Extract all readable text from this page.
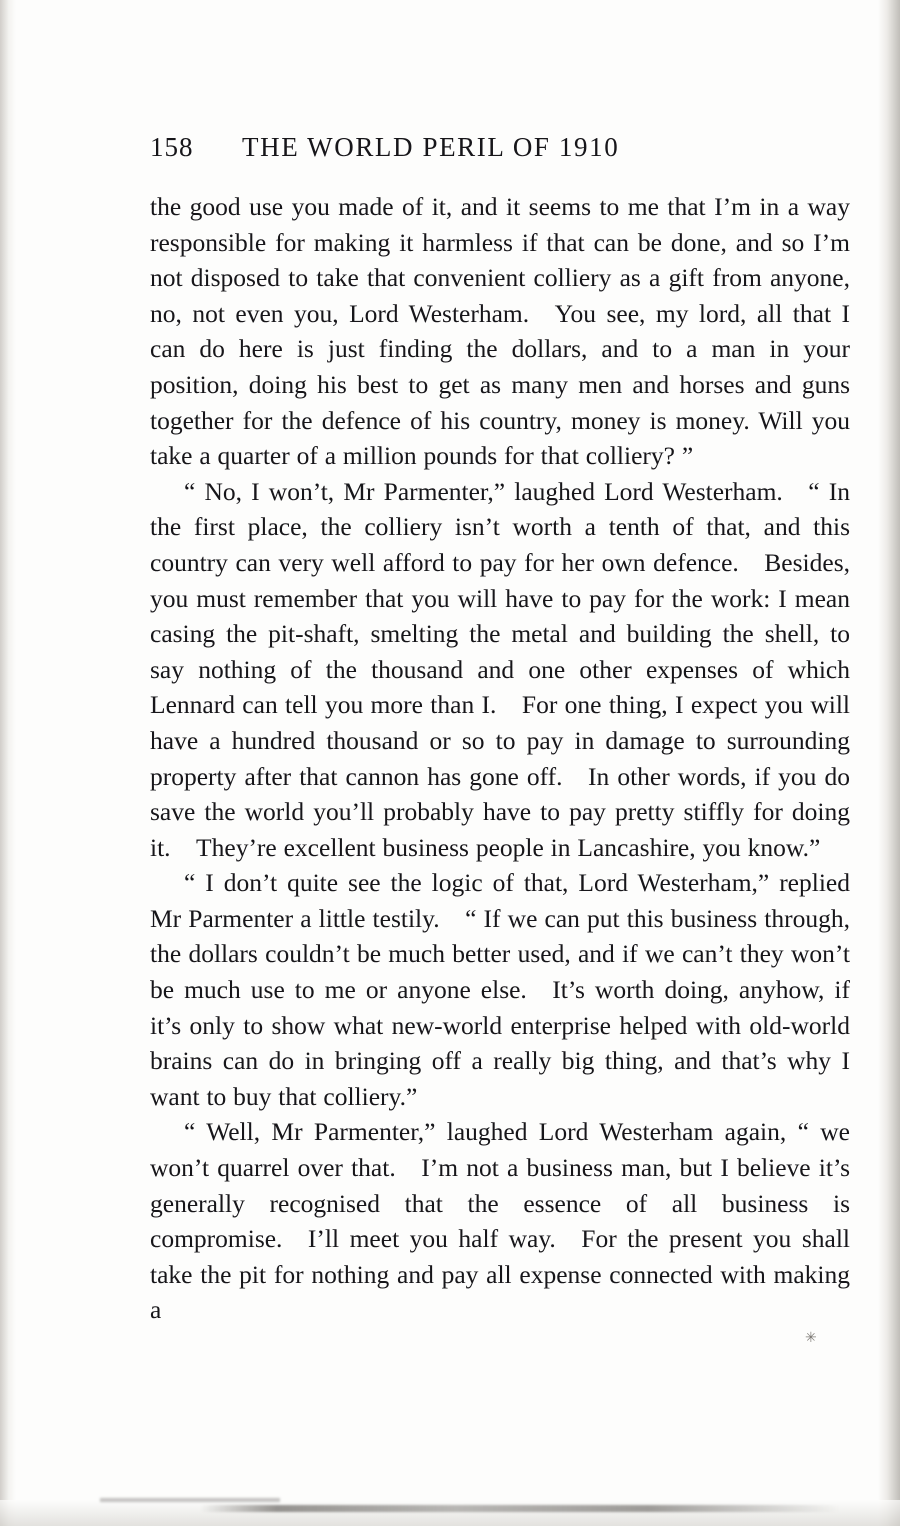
158	THE WORLD PERIL OF 1910

the good use you made of it, and it seems to me that I’m in a way responsible for making it harmless if that can be done, and so I’m not disposed to take that convenient colliery as a gift from anyone, no, not even you, Lord Westerham. You see, my lord, all that I can do here is just finding the dollars, and to a man in your position, doing his best to get as many men and horses and guns together for the defence of his country, money is money. Will you take a quarter of a million pounds for that colliery? ”

“ No, I won’t, Mr Parmenter,” laughed Lord Westerham. “ In the first place, the colliery isn’t worth a tenth of that, and this country can very well afford to pay for her own defence. Besides, you must remember that you will have to pay for the work: I mean casing the pit-shaft, smelting the metal and building the shell, to say nothing of the thousand and one other expenses of which Lennard can tell you more than I. For one thing, I expect you will have a hundred thousand or so to pay in damage to surrounding property after that cannon has gone off. In other words, if you do save the world you’ll probably have to pay pretty stiffly for doing it. They’re excellent business people in Lancashire, you know.”

“ I don’t quite see the logic of that, Lord Westerham,” replied Mr Parmenter a little testily. “ If we can put this business through, the dollars couldn’t be much better used, and if we can’t they won’t be much use to me or anyone else. It’s worth doing, anyhow, if it’s only to show what new-world enterprise helped with old-world brains can do in bringing off a really big thing, and that’s why I want to buy that colliery.”

“ Well, Mr Parmenter,” laughed Lord Westerham again, “ we won’t quarrel over that. I’m not a business man, but I believe it’s generally recognised that the essence of all business is compromise. I’ll meet you half way. For the present you shall take the pit for nothing and pay all expense connected with making a

✳
